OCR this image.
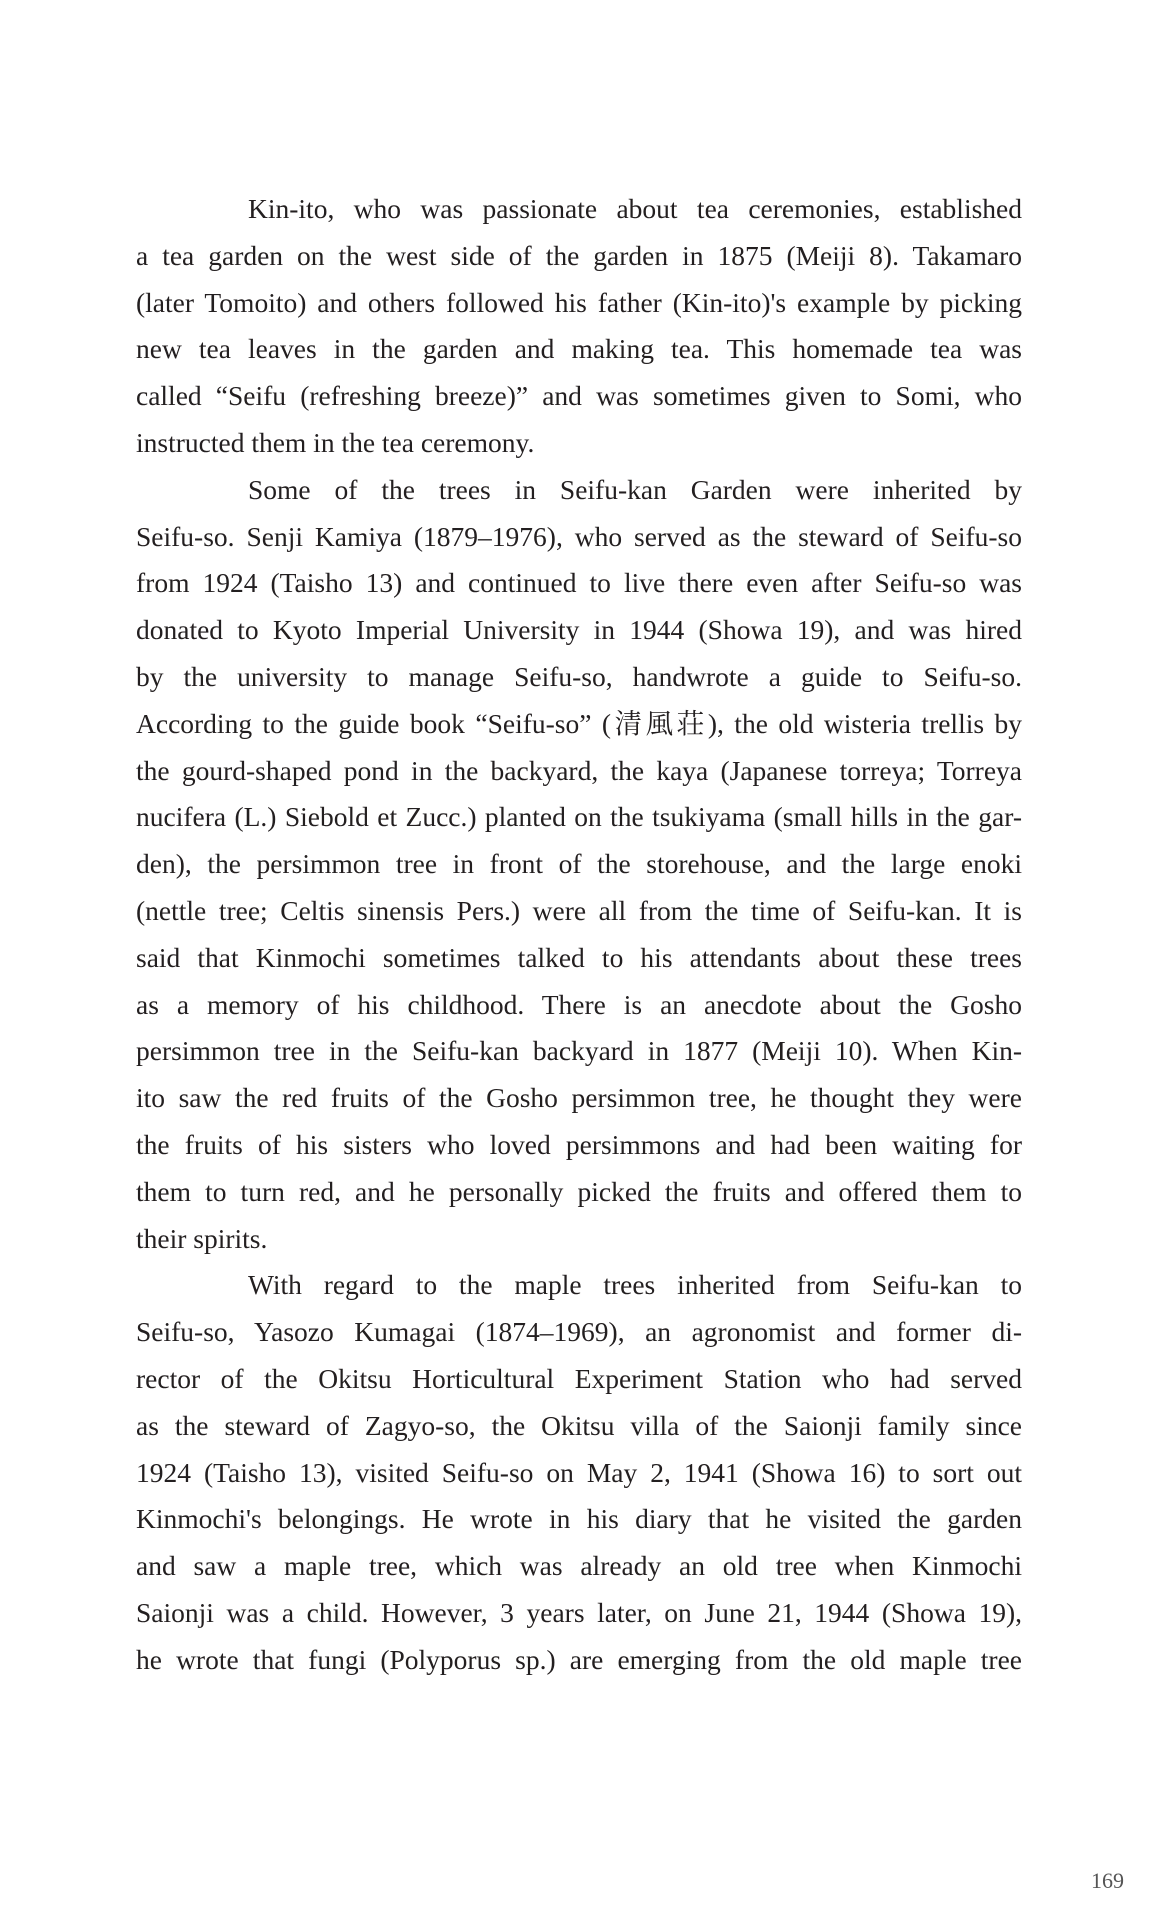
Kin-ito, who was passionate about tea ceremonies, established
a tea garden on the west side of the garden in 1875 (Meiji 8). Takamaro
(later Tomoito) and others followed his father (Kin-ito)'s example by picking
new tea leaves in the garden and making tea. This homemade tea was
called “Seifu (refreshing breeze)” and was sometimes given to Somi, who
instructed them in the tea ceremony.
Some of the trees in Seifu-kan Garden were inherited by
Seifu-so. Senji Kamiya (1879–1976), who served as the steward of Seifu-so
from 1924 (Taisho 13) and continued to live there even after Seifu-so was
donated to Kyoto Imperial University in 1944 (Showa 19), and was hired
by the university to manage Seifu-so, handwrote a guide to Seifu-so.
According to the guide book “Seifu-so” (清風荘), the old wisteria trellis by
the gourd-shaped pond in the backyard, the kaya (Japanese torreya; Torreya
nucifera (L.) Siebold et Zucc.) planted on the tsukiyama (small hills in the gar-
den), the persimmon tree in front of the storehouse, and the large enoki
(nettle tree; Celtis sinensis Pers.) were all from the time of Seifu-kan. It is
said that Kinmochi sometimes talked to his attendants about these trees
as a memory of his childhood. There is an anecdote about the Gosho
persimmon tree in the Seifu-kan backyard in 1877 (Meiji 10). When Kin-
ito saw the red fruits of the Gosho persimmon tree, he thought they were
the fruits of his sisters who loved persimmons and had been waiting for
them to turn red, and he personally picked the fruits and offered them to
their spirits.
With regard to the maple trees inherited from Seifu-kan to
Seifu-so, Yasozo Kumagai (1874–1969), an agronomist and former di-
rector of the Okitsu Horticultural Experiment Station who had served
as the steward of Zagyo-so, the Okitsu villa of the Saionji family since
1924 (Taisho 13), visited Seifu-so on May 2, 1941 (Showa 16) to sort out
Kinmochi's belongings. He wrote in his diary that he visited the garden
and saw a maple tree, which was already an old tree when Kinmochi
Saionji was a child. However, 3 years later, on June 21, 1944 (Showa 19),
he wrote that fungi (Polyporus sp.) are emerging from the old maple tree
169
